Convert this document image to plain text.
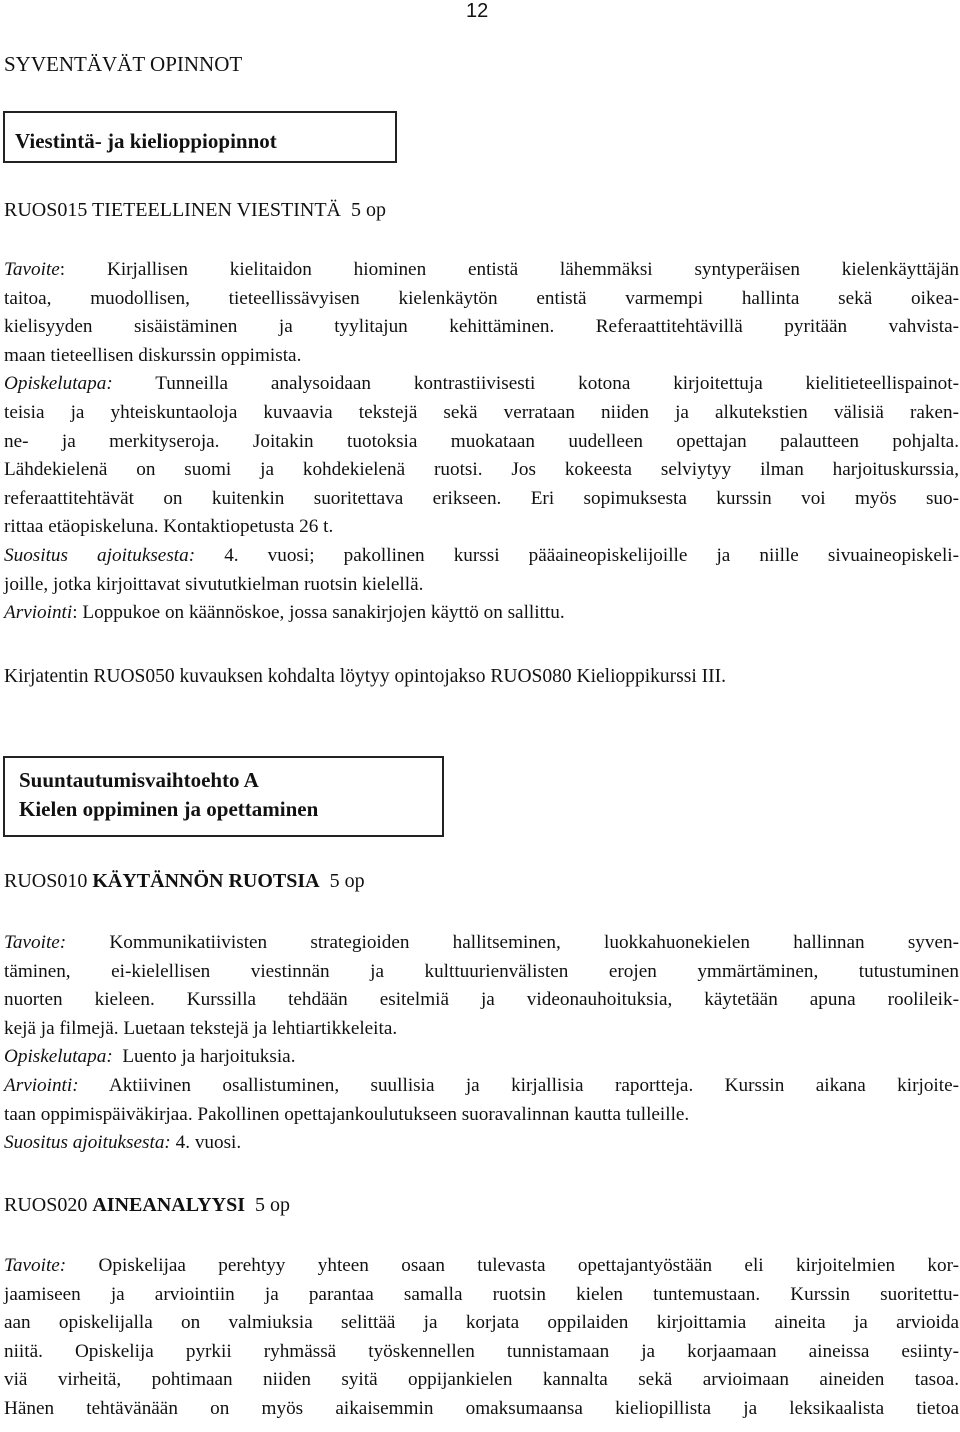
12
SYVENTÄVÄT OPINNOT
Viestintä- ja kielioppiopinnot
RUOS015 TIETEELLINEN VIESTINTÄ 5 op
Tavoite: Kirjallisen kielitaidon hiominen entistä lähemmäksi syntyperäisen kielenkäyttäjän
taitoa, muodollisen, tieteellissävyisen kielenkäytön entistä varmempi hallinta sekä oikea-
kielisyyden sisäistäminen ja tyylitajun kehittäminen. Referaattitehtävillä pyritään vahvista-
maan tieteellisen diskurssin oppimista.
Opiskelutapa: Tunneilla analysoidaan kontrastiivisesti kotona kirjoitettuja kielitieteellispainot-
teisia ja yhteiskuntaoloja kuvaavia tekstejä sekä verrataan niiden ja alkutekstien välisiä raken-
ne- ja merkityseroja. Joitakin tuotoksia muokataan uudelleen opettajan palautteen pohjalta.
Lähdekielenä on suomi ja kohdekielenä ruotsi. Jos kokeesta selviytyy ilman harjoituskurssia,
referaattitehtävät on kuitenkin suoritettava erikseen. Eri sopimuksesta kurssin voi myös suo-
rittaa etäopiskeluna. Kontaktiopetusta 26 t.
Suositus ajoituksesta: 4. vuosi; pakollinen kurssi pääaineopiskelijoille ja niille sivuaineopiskeli-
joille, jotka kirjoittavat sivututkielman ruotsin kielellä.
Arviointi: Loppukoe on käännöskoe, jossa sanakirjojen käyttö on sallittu.
Kirjatentin RUOS050 kuvauksen kohdalta löytyy opintojakso RUOS080 Kielioppikurssi III.
Suuntautumisvaihtoehto A
Kielen oppiminen ja opettaminen
RUOS010 KÄYTÄNNÖN RUOTSIA 5 op
Tavoite: Kommunikatiivisten strategioiden hallitseminen, luokkahuonekielen hallinnan syven-
täminen, ei-kielellisen viestinnän ja kulttuurienvälisten erojen ymmärtäminen, tutustuminen
nuorten kieleen. Kurssilla tehdään esitelmiä ja videonauhoituksia, käytetään apuna roolileik-
kejä ja filmejä. Luetaan tekstejä ja lehtiartikkeleita.
Opiskelutapa: Luento ja harjoituksia.
Arviointi: Aktiivinen osallistuminen, suullisia ja kirjallisia raportteja. Kurssin aikana kirjoite-
taan oppimispäiväkirjaa. Pakollinen opettajankoulutukseen suoravalinnan kautta tulleille.
Suositus ajoituksesta: 4. vuosi.
RUOS020 AINEANALYYSI 5 op
Tavoite: Opiskelijaa perehtyy yhteen osaan tulevasta opettajantyöstään eli kirjoitelmien kor-
jaamiseen ja arviointiin ja parantaa samalla ruotsin kielen tuntemustaan. Kurssin suoritettu-
aan opiskelijalla on valmiuksia selittää ja korjata oppilaiden kirjoittamia aineita ja arvioida
niitä. Opiskelija pyrkii ryhmässä työskennellen tunnistamaan ja korjaamaan aineissa esiinty-
viä virheitä, pohtimaan niiden syitä oppijankielen kannalta sekä arvioimaan aineiden tasoa.
Hänen tehtävänään on myös aikaisemmin omaksumaansa kieliopillista ja leksikaalista tietoa
